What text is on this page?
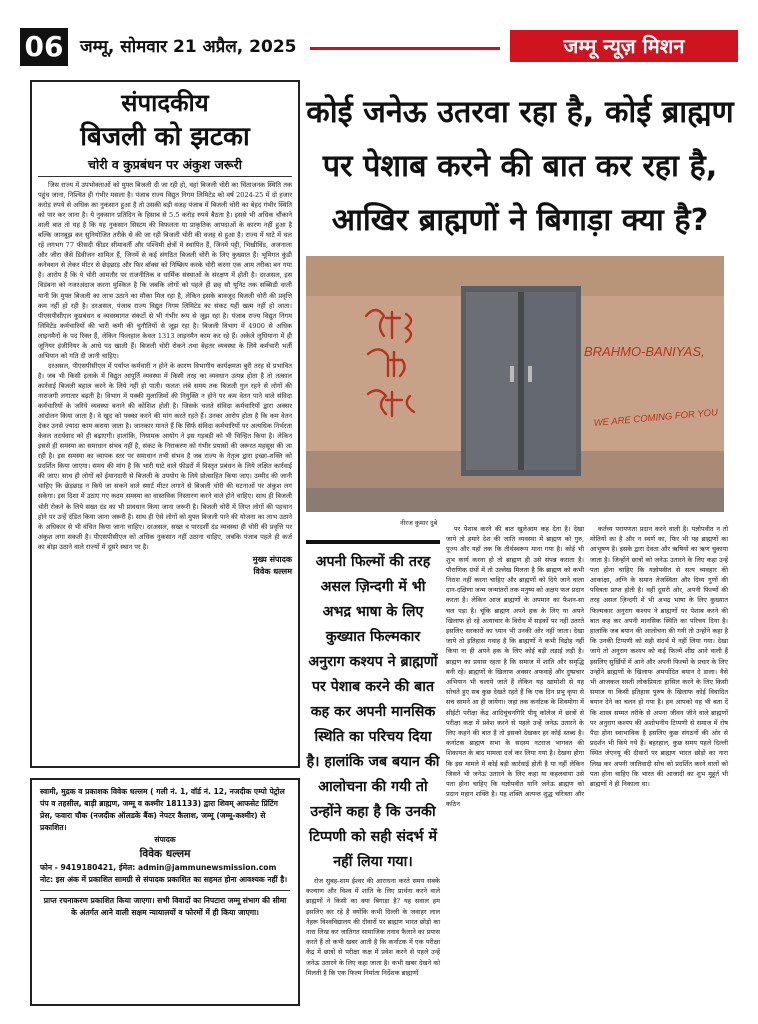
06 जम्मू, सोमवार 21 अप्रैल, 2025	जम्मू न्यूज़ मिशन
संपादकीय
बिजली को झटका
चोरी व कुप्रबंधन पर अंकुश जरूरी

जिस राज्य में उपभोक्ताओं को मुफ्त बिजली दी जा रही हो, वहां बिजली चोरी का चिंताजनक स्थिति तक पहुंच जाना, निश्चित ही गंभीर मसला है। पंजाब राज्य विद्युत निगम लिमिटेड को वर्ष 2024-25 में दो हजार करोड़ रुपये से अधिक का नुकसान हुआ है तो उसकी बड़ी वजह पंजाब में बिजली चोरी का बेहद गंभीर स्थिति को पार कर जाना है। ये नुकसान प्रतिदिन के हिसाब से 5.5 करोड़ रुपये बैठता है। इससे भी अधिक चौंकाने वाली बात तो यह है कि यह नुकसान सिस्टम की विफलता या प्राकृतिक आपदाओं के कारण नहीं हुआ है बल्कि जानबूझ कर सुनियोजित तरीके से की जा रही बिजली चोरी की वजह से हुआ है। राज्य में घाटे में चल रहे लगभग 77 फीसदी फीडर सीमावर्ती और पश्चिमी क्षेत्रों में स्थापित हैं, जिनमें पट्टी, भिखीविंड, अजनाला और जीरा जैसे डिवीजन शामिल हैं, जिनमें से कई संगठित बिजली चोरी के लिए कुख्यात हैं। भूमिगत कुंडी कनेक्शन से लेकर मीटर से छेड़छाड़ और फिर बॉक्स को निष्क्रिय करके चोरी करना एक आम तरीका बन गया है। आरोप है कि ये चोरी आमतौर पर राजनीतिक व धार्मिक संस्थाओं के संरक्षण में होती है। दरअसल, इस विडंबना को नजरअंदाज करना मुश्किल है कि जबकि लोगों को पहले ही छह सौ यूनिट तक सब्सिडी वाली यानी कि मुफ्त बिजली का लाभ उठाने का मौका मिल रहा है, लेकिन इसके बावजूद बिजली चोरी की प्रवृत्ति कम नहीं हो रही है। दरअसल, पंजाब राज्य विद्युत निगम लिमिटेड का संकट यहीं खत्म नहीं हो जाता। पीएसपीसीएल कुप्रबंधन व व्यवस्थागत संकटों से भी गंभीर रूप से जूझ रहा है। पंजाब राज्य विद्युत निगम लिमिटेड कर्मचारियों की भारी कमी की चुनौतियों से जूझ रहा है। बिजली विभाग में 4900 से अधिक लाइनमैनों के पद रिक्त हैं, लेकिन फिलहाल केवल 1313 लाइनमैन काम कर रहे हैं। अकेले लुधियाना में ही जूनियर इंजीनियर के आधे पद खाली हैं। बिजली चोरी रोकने तथा बेहतर व्यवस्था के लिये कर्मचारी भर्ती अभियान को गति दी जानी चाहिए।

दरअसल, पीएसपीसीएल में पर्याप्त कर्मचारी न होने के कारण विभागीय कार्यक्षमता बुरी तरह से प्रभावित है। जब भी किसी इलाके में विद्युत आपूर्ति व्यवस्था में किसी तरह का व्यवधान उत्पन्न होता है तो तत्काल कार्रवाई बिजली बहाल करने के लिये नहीं हो पाती। फलतः लंबे समय तक बिजली गुल रहने से लोगों की नाराजगी लगातार बढ़ती है। विभाग में पक्की मुलाजिमों की नियुक्ति न होने पर कम वेतन पाने वाले संविदा कर्मचारियों के जरिये व्यवस्था बनाने की कोशिश होती है। जिसके चलते संविदा कर्मचारियों द्वारा अक्सर आंदोलन किया जाता है। वे खुद को पक्का करने की मांग करते रहते हैं। उनका आरोप होता है कि कम वेतन देकर उनसे ज्यादा काम कराया जाता है। जानकार मानते हैं कि सिर्फ संविदा कर्मचारियों पर अत्यधिक निर्भरता केवल तदर्थवाद को ही बढ़ाएगी। हालांकि, नियामक आयोग ने इस गड़बड़ी को भी चिन्हित किया है। लेकिन इससे ही समस्या का समाधान संभव नहीं है, संकट के निराकरण को गंभीर प्रयासों की जरूरत महसूस की जा रही है। इस समस्या का व्यापक स्तर पर समाधान तभी संभव है जब राज्य के नेतृत्व द्वारा इच्छा-शक्ति को प्रदर्शित किया जाएगा। समय की मांग है कि भारी घाटे वाले फीडरों में विस्तृत प्रबंधन के लिये लक्षित कार्रवाई की जाए। साथ ही लोगों को ईमानदारी से बिजली के उपयोग के लिये प्रोत्साहित किया जाए। उम्मीद की जानी चाहिए कि छेड़छाड़ न किये जा सकने वाले स्मार्ट मीटर लगाने से बिजली चोरी की घटनाओं पर अंकुश लग सकेगा। इस दिशा में उठाए गए कदम समस्या का वास्तविक निस्तारण करने वाले होने चाहिए। साथ ही बिजली चोरी रोकने के लिये सख्त दंड का भी प्रावधान किया जाना जरूरी है। बिजली चोरी में लिप्त लोगों की पहचान होने पर उन्हें दंडित किया जाना जरूरी है। साथ ही ऐसे लोगों को मुफ्त बिजली पाने की योजना का लाभ उठाने के अधिकार से भी वंचित किया जाना चाहिए। दरअसल, सख्त व पारदर्शी दंड व्यवस्था ही चोरी की प्रवृत्ति पर अंकुश लगा सकती है। पीएसपीसीएल को अधिक नुकसान नहीं उठाना चाहिए, जबकि पंजाब पहले ही कर्ज का बोझ उठाने वाले राज्यों में दूसरे स्थान पर है।

मुख्य संपादक
विवेक धल्लम
स्वामी, मुद्रक व प्रकाशक विवेक धल्लम ( गली नं. 1, वॉर्ड नं. 12, नजदीक एम्पो पेट्रोल पंप व तहसील, बाड़ी ब्राह्मण, जम्मू व कश्मीर 181133) द्वारा शिवम् आफसेट प्रिंटिंग प्रेस, फवारा चौक (नजदीक ऑलडके बैंक) नेपटर कैलाश, जम्मू (जम्मू-कश्मीर) से प्रकाशित।
संपादक
विवेक धल्लम
फोन - 9419180421, ईमेल: admin@jammunewsmission.com
नोट: इस अंक में प्रकाशित सामग्री से संपादक प्रकाशित का सहमत होना आवश्यक नहीं है।
प्राप्त रचनाकरण प्रकाशित किया जाएगा। सभी विवादों का निपटारा जम्मू संभाग की सीमा के अंतर्गत आने वाली सक्षम न्यायालयों व फोरमों में ही किया जाएगा।
कोई जनेऊ उतरवा रहा है, कोई ब्राह्मण पर पेशाब करने की बात कर रहा है, आखिर ब्राह्मणों ने बिगाड़ा क्या है?
BRAHMO-BANIYAS,
WE ARE COMING FOR YOU
नीरज कुमार दुबे
अपनी फिल्मों की तरह असल ज़िन्दगी में भी अभद्र भाषा के लिए कुख्यात फिल्मकार अनुराग कश्यप ने ब्राह्मणों पर पेशाब करने की बात कह कर अपनी मानसिक स्थिति का परिचय दिया है। हालांकि जब बयान की आलोचना की गयी तो उन्होंने कहा है कि उनकी टिप्पणी को सही संदर्भ में नहीं लिया गया।

रोज सुबह-शाम ईश्वर की आराधना करते समय सबके कल्याण और विश्व में शांति के लिए प्रार्थना करने वाले ब्राह्मणों ने किसी का क्या बिगाड़ा है? यह सवाल हम इसलिए कर रहे हैं क्योंकि कभी दिल्ली के जवाहर लाल नेहरू विश्वविद्यालय की दीवारों पर ब्राह्मण भारत छोड़ो का नारा लिख कर जातिगत सामाजिक तनाव फैलाने का प्रयास करते हैं तो कभी खबर आती है कि कर्नाटक में एक परीक्षा केंद्र में छात्रों से परीक्षा कक्ष में प्रवेश करने से पहले उन्हें जनेऊ उतारने के लिए कहा जाता है। कभी खबर देखने को मिलती है कि एक फिल्म निर्माता निर्देशक ब्राह्मणों

पर पेशाब करने की बात खुलेआम कह देता है। देखा जाये तो हमारे देश की जाति व्यवस्था में ब्राह्मण को गुरु, पूज्य और यहाँ तक कि तीर्थस्वरूप माना गया है। कोई भी शुभ कार्य करना हो तो ब्राह्मण ही उसे संपन्न कराता है। पौराणिक ग्रंथों में तो उल्लेख मिलता है कि ब्राह्मण को कभी निराश नहीं करना चाहिए और ब्राह्मणों को दिये जाने वाला दान-दक्षिणा जन्म जन्मांतरों तक मनुष्य को अक्षय फल प्रदान करता है। लेकिन आज ब्राह्मणों के अपमान का फैशन-सा चल पड़ा है। चूंकि ब्राह्मण अपने हक के लिए या अपने खिलाफ हो रहे अत्याचार के विरोध में सड़कों पर नहीं उतरते इसलिए सरकारों का ध्यान भी उनकी ओर नहीं जाता। देखा जाये तो इतिहास गवाह है कि ब्राह्मणों ने कभी विद्रोह नहीं किया ना ही अपने हक के लिए कोई बड़ी लड़ाई लड़ी है। ब्राह्मण का प्रयास रहता है कि समाज में शांति और समृद्धि बनी रहे। ब्राह्मणों के खिलाफ अक्सर अफवाहें और दुष्प्रचार अभियान भी चलाये जाते हैं लेकिन यह खामोशी से यह सोचते हुए सब कुछ देखते रहते हैं कि एक दिन प्रभु कृपा से सच सामने आ ही जायेगा। जहां तक कर्नाटक के शिवमोगा में सीईटी परीक्षा केंद्र आदिचुंचनगिरि पीयू कॉलेज में छात्रों से परीक्षा कक्ष में प्रवेश करने से पहले उन्हें जनेऊ उतारने के लिए कहने की बात है तो इसको देखकर हर कोई स्तब्ध है। कर्नाटक ब्राह्मण सभा के सदस्य नटराज भागवत की शिकायत के बाद मामला दर्ज कर लिया गया है। देखना होगा कि इस मामले में कोई बड़ी कार्रवाई होती है या नहीं लेकिन जिसने भी जनेऊ उतारने के लिए कहा या कहलवाया उसे पता होना चाहिए कि यज्ञोपवीत यानि जनेऊ ब्राह्मण को प्रदान महान शक्ति है। यह शक्ति अत्यन्त शुद्ध चरित्रता और कठिन

कर्तव्य परायणता प्रदान करने वाली है। यज्ञोपवीत न तो मोतियों का है और न स्वर्ण का, फिर भी यह ब्राह्मणों का आभूषण है। इसके द्वारा देवता और ऋषियों का ऋण चुकाया जाता है। जिन्होंने छात्रों को जनेऊ उतारने के लिए कहा उन्हें पता होना चाहिए कि यज्ञोपवीत से सत्य व्यवहार की आकांक्षा, अग्नि के समान तेजस्विता और दिव्य गुणों की पवित्रता प्राप्त होती है। वहीं दूसरी ओर, अपनी फिल्मों की तरह असल ज़िन्दगी में भी अभद्र भाषा के लिए कुख्यात फिल्मकार अनुराग कश्यप ने ब्राह्मणों पर पेशाब करने की बात कह कर अपनी मानसिक स्थिति का परिचय दिया है। हालांकि जब बयान की आलोचना की गयी तो उन्होंने कहा है कि उनकी टिप्पणी को सही संदर्भ में नहीं लिया गया। देखा जाये तो अनुराग कश्यप को कई फिल्में शीघ्र आने वाली हैं इसलिए सुर्खियों में आने और अपनी फिल्मों के प्रचार के लिए उन्होंने ब्राह्मणों के खिलाफ अमर्यादित बयान दे डाला। वैसे भी आजकल सस्ती लोकप्रियता हासिल करने के लिए किसी समाज या किसी इतिहास पुरुष के खिलाफ कोई विवादित बयान देने का चलन हो गया है। हम आपको यह भी बता दें कि शास्त्र सम्मत तरीके से अपना जीवन जीने वाले ब्राह्मणों पर अनुराग कश्यप की अशोभनीय टिप्पणी से समाज में रोष पैदा होना स्वाभाविक है इसलिए कुछ संगठनों की ओर से प्रदर्शन भी किये गये हैं। बहरहाल, कुछ समय पहले दिल्ली स्थित जेएनयू की दीवारों पर ब्राह्मण भारत छोड़ो का नारा लिख कर अपनी जातिवादी सोच को प्रदर्शित करने वालों को पता होना चाहिए कि भारत की आजादी का शुभ मुहूर्त भी ब्राह्मणों ने ही निकाला था।
